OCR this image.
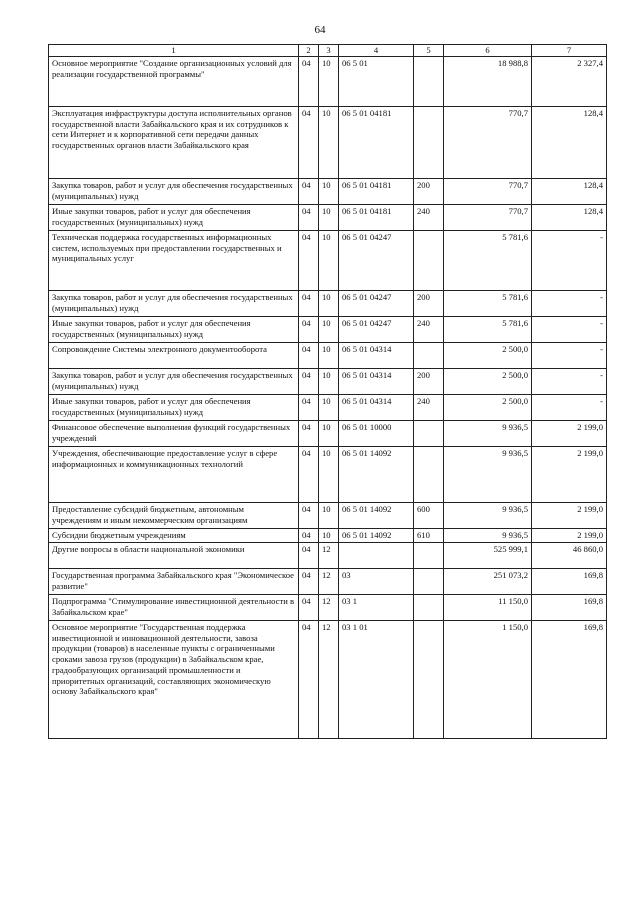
64
1	2	3	4	5	6	7
Основное мероприятие "Создание организационных условий для реализации государственной программы"	04	10	06 5 01		18 988,8	2 327,4
Эксплуатация инфраструктуры доступа исполнительных органов государственной власти Забайкальского края и их сотрудников к сети Интернет и к корпоративной сети передачи данных государственных органов власти Забайкальского края	04	10	06 5 01 04181		770,7	128,4
Закупка товаров, работ и услуг для обеспечения государственных (муниципальных) нужд	04	10	06 5 01 04181	200	770,7	128,4
Иные закупки товаров, работ и услуг для обеспечения государственных (муниципальных) нужд	04	10	06 5 01 04181	240	770,7	128,4
Техническая поддержка государственных информационных систем, используемых при предоставлении государственных и муниципальных услуг	04	10	06 5 01 04247		5 781,6	-
Закупка товаров, работ и услуг для обеспечения государственных (муниципальных) нужд	04	10	06 5 01 04247	200	5 781,6	-
Иные закупки товаров, работ и услуг для обеспечения государственных (муниципальных) нужд	04	10	06 5 01 04247	240	5 781,6	-
Сопровождение Системы электронного документооборота	04	10	06 5 01 04314		2 500,0	-
Закупка товаров, работ и услуг для обеспечения государственных (муниципальных) нужд	04	10	06 5 01 04314	200	2 500,0	-
Иные закупки товаров, работ и услуг для обеспечения государственных (муниципальных) нужд	04	10	06 5 01 04314	240	2 500,0	-
Финансовое обеспечение выполнения функций государственных учреждений	04	10	06 5 01 10000		9 936,5	2 199,0
Учреждения, обеспечивающие предоставление услуг в сфере информационных и коммуникационных технологий	04	10	06 5 01 14092		9 936,5	2 199,0
Предоставление субсидий бюджетным, автономным учреждениям и иным некоммерческим организациям	04	10	06 5 01 14092	600	9 936,5	2 199,0
Субсидии бюджетным учреждениям	04	10	06 5 01 14092	610	9 936,5	2 199,0
Другие вопросы в области национальной экономики	04	12			525 999,1	46 860,0
Государственная программа Забайкальского края "Экономическое развитие"	04	12	03		251 073,2	169,8
Подпрограмма "Стимулирование инвестиционной деятельности в Забайкальском крае"	04	12	03 1		11 150,0	169,8
Основное мероприятие "Государственная поддержка инвестиционной и инновационной деятельности, завоза продукции (товаров) в населенные пункты с ограниченными сроками завоза грузов (продукции) в Забайкальском крае, градообразующих организаций промышленности и приоритетных организаций, составляющих экономическую основу Забайкальского края"	04	12	03 1 01		1 150,0	169,8
